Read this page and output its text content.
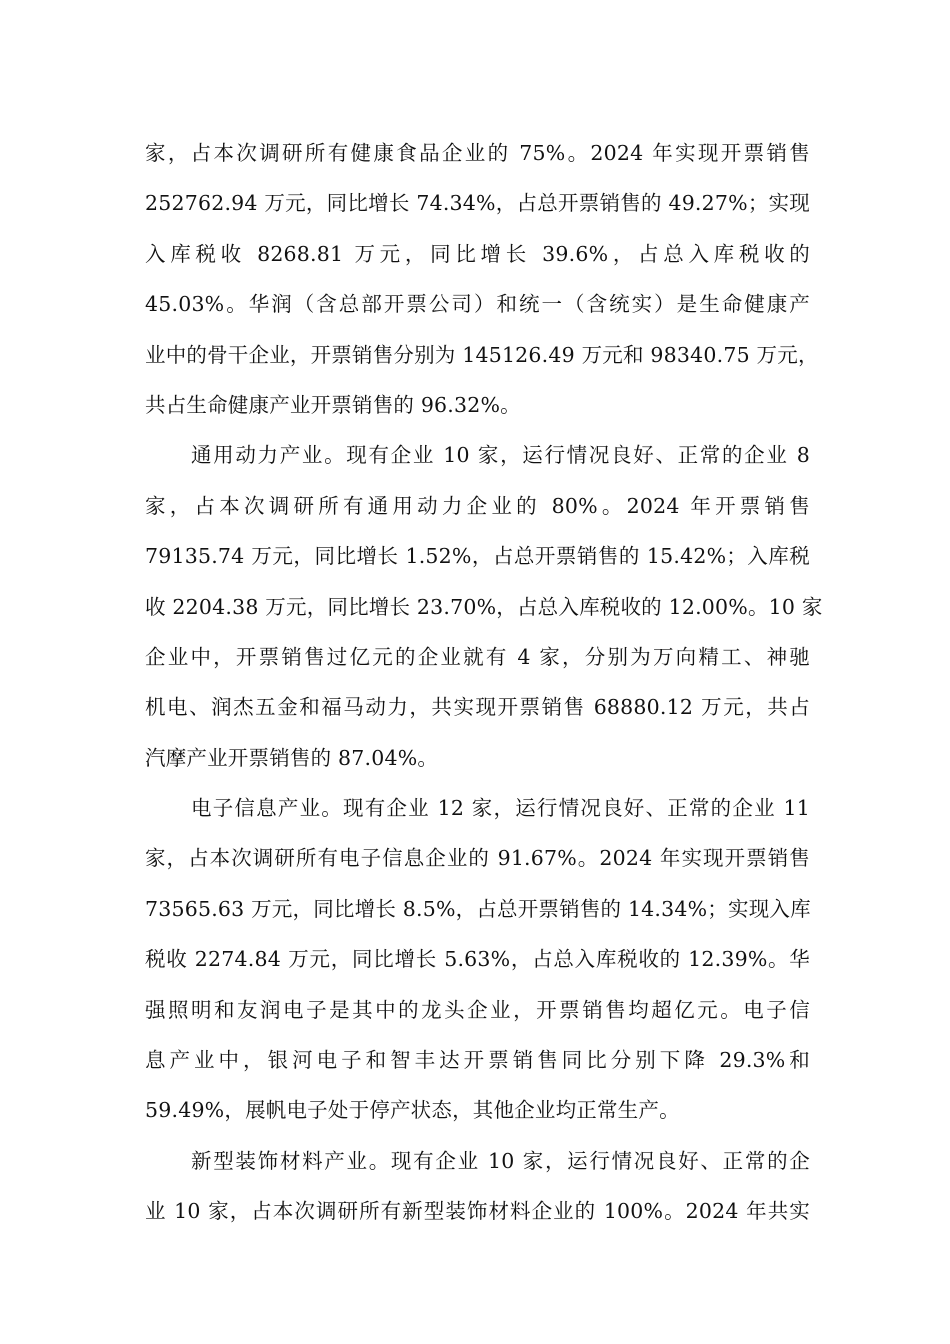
家，占本次调研所有健康食品企业的 75%。2024 年实现开票销售
252762.94 万元，同比增长 74.34%，占总开票销售的 49.27%；实现
入库税收 8268.81 万元，同比增长 39.6%，占总入库税收的
45.03%。华润（含总部开票公司）和统一（含统实）是生命健康产
业中的骨干企业，开票销售分别为 145126.49 万元和 98340.75 万元，
共占生命健康产业开票销售的 96.32%。
通用动力产业。现有企业 10 家，运行情况良好、正常的企业 8
家，占本次调研所有通用动力企业的 80%。2024 年开票销售
79135.74 万元，同比增长 1.52%，占总开票销售的 15.42%；入库税
收 2204.38 万元，同比增长 23.70%，占总入库税收的 12.00%。10 家
企业中，开票销售过亿元的企业就有 4 家，分别为万向精工、神驰
机电、润杰五金和福马动力，共实现开票销售 68880.12 万元，共占
汽摩产业开票销售的 87.04%。
电子信息产业。现有企业 12 家，运行情况良好、正常的企业 11
家，占本次调研所有电子信息企业的 91.67%。2024 年实现开票销售
73565.63 万元，同比增长 8.5%，占总开票销售的 14.34%；实现入库
税收 2274.84 万元，同比增长 5.63%，占总入库税收的 12.39%。华
强照明和友润电子是其中的龙头企业，开票销售均超亿元。电子信
息产业中，银河电子和智丰达开票销售同比分别下降 29.3%和
59.49%，展帆电子处于停产状态，其他企业均正常生产。
新型装饰材料产业。现有企业 10 家，运行情况良好、正常的企
业 10 家，占本次调研所有新型装饰材料企业的 100%。2024 年共实
